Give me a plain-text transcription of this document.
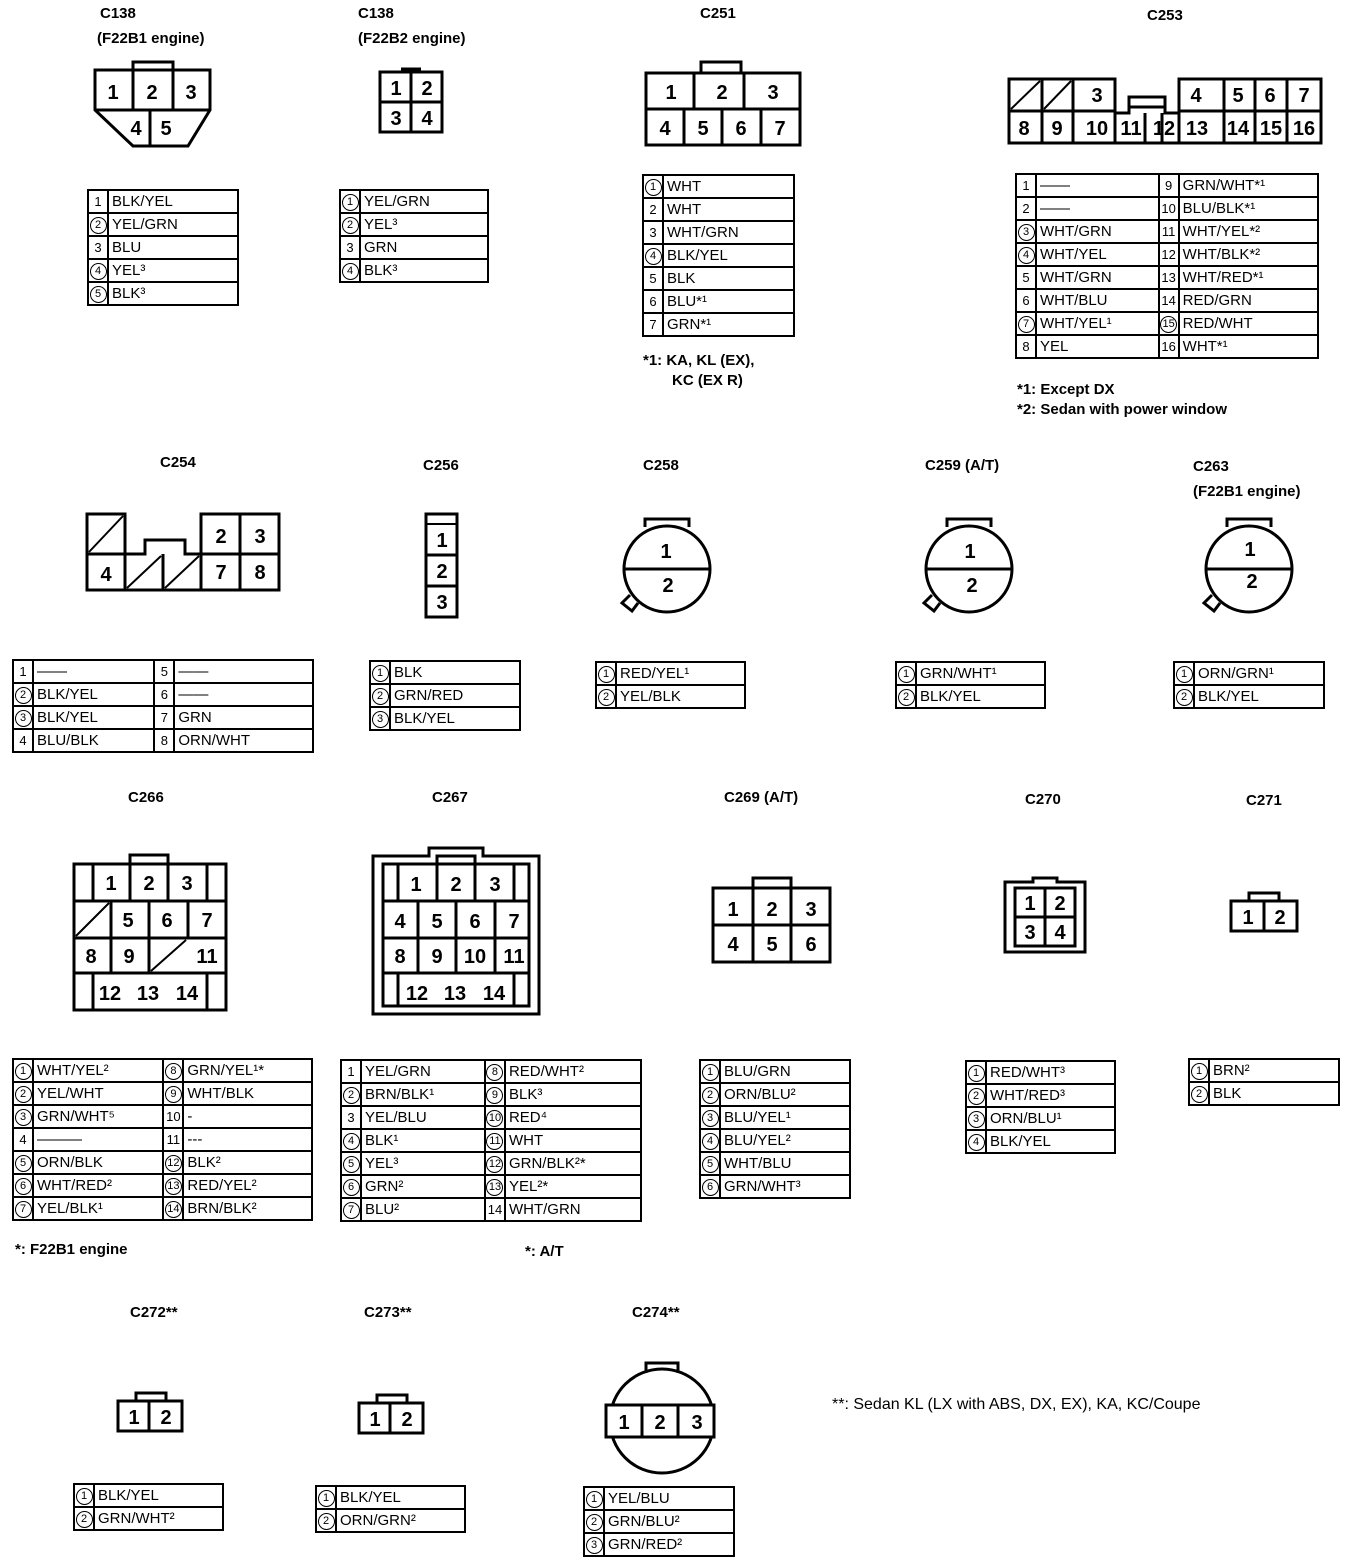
C138
(F22B1 engine)
1 2 3
4 5
C138
(F22B2 engine)
1 2
3 4
C251
1 2 3
4 5 6 7
C253
3	4 5 6 7
8 9 10 11 12 13 14 15 16
1	BLK/YEL
2	YEL/GRN
3	BLU
4	YEL³
5	BLK³
1	YEL/GRN
2	YEL³
3	GRN
4	BLK³
1	WHT
2	WHT
3	WHT/GRN
4	BLK/YEL
5	BLK
6	BLU*¹
7	GRN*¹
*1: KA, KL (EX),
KC (EX R)
1	——	9	GRN/WHT*¹
2	——	10	BLU/BLK*¹
3	WHT/GRN	11	WHT/YEL*²
4	WHT/YEL	12	WHT/BLK*²
5	WHT/GRN	13	WHT/RED*¹
6	WHT/BLU	14	RED/GRN
7	WHT/YEL¹	15	RED/WHT
8	YEL	16	WHT*¹
*1: Except DX
*2: Sedan with power window
C254
4
2 3
7 8
C256
1
2
3
C258
1
2
C259 (A/T)
1
2
C263
1
2
(F22B1 engine)
1	——	5	——
2	BLK/YEL	6	——
3	BLK/YEL	7	GRN
4	BLU/BLK	8	ORN/WHT
1	BLK
2	GRN/RED
3	BLK/YEL
1	RED/YEL¹
2	YEL/BLK
1	GRN/WHT¹
2	BLK/YEL
1	ORN/GRN¹
2	BLK/YEL
C266
1 2 3
5 6 7
8 9	11
12 13 14
C267
1 2 3
4 5 6 7
8 9 10 11
12 13 14
C269 (A/T)
1 2 3
4 5 6
C270
1 2
3 4
C271
1 2
1	WHT/YEL²	8	GRN/YEL¹*
2	YEL/WHT	9	WHT/BLK
3	GRN/WHT⁵	10	-
4	———	11	---
5	ORN/BLK	12	BLK²
6	WHT/RED²	13	RED/YEL²
7	YEL/BLK¹	14	BRN/BLK²
*: F22B1 engine
1	YEL/GRN	8	RED/WHT²
2	BRN/BLK¹	9	BLK³
3	YEL/BLU	10	RED⁴
4	BLK¹	11	WHT
5	YEL³	12	GRN/BLK²*
6	GRN²	13	YEL²*
7	BLU²	14	WHT/GRN
*: A/T
1	BLU/GRN
2	ORN/BLU²
3	BLU/YEL¹
4	BLU/YEL²
5	WHT/BLU
6	GRN/WHT³
1	RED/WHT³
2	WHT/RED³
3	ORN/BLU¹
4	BLK/YEL
1	BRN²
2	BLK
C272**
1 2
C273**
1 2
C274**
1 2 3
**: Sedan KL (LX with ABS, DX, EX), KA, KC/Coupe
1	BLK/YEL
2	GRN/WHT²
1	BLK/YEL
2	ORN/GRN²
1	YEL/BLU
2	GRN/BLU²
3	GRN/RED²
